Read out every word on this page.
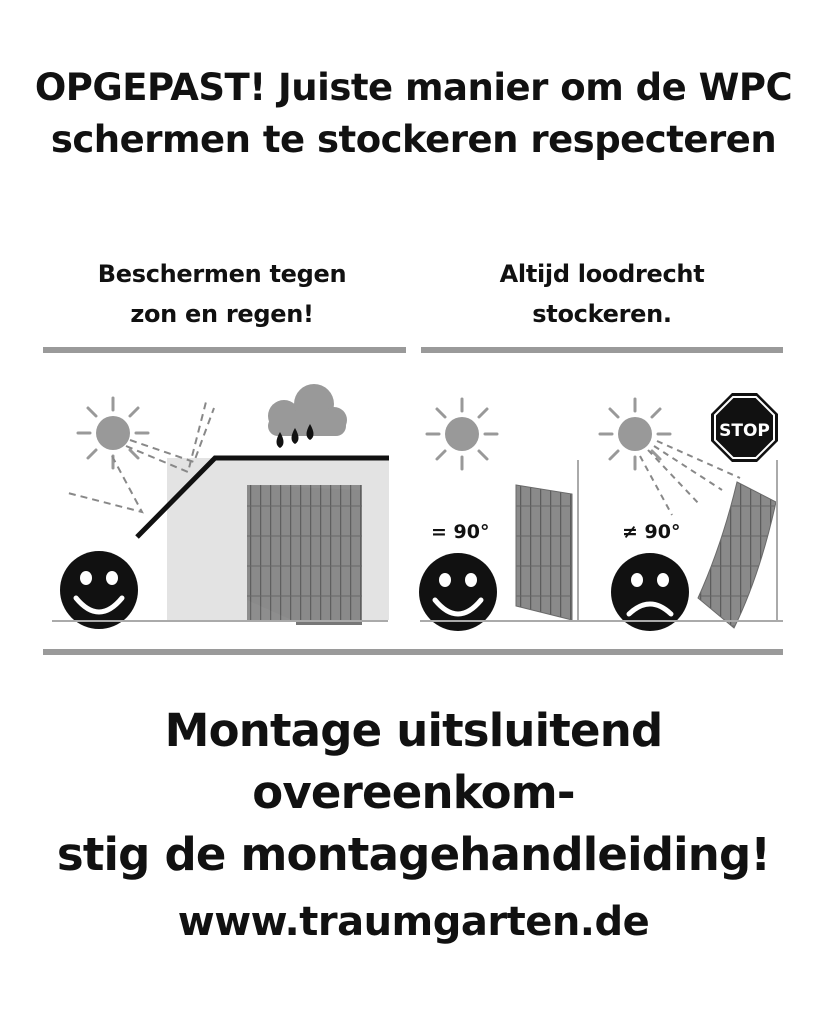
OPGEPAST! Juiste manier om de WPC
schermen te stockeren respecteren
Beschermen tegen
zon en regen!
Altijd loodrecht
stockeren.
= 90°	≠ 90°
STOP
Montage uitsluitend overeenkom-
stig de montagehandleiding!
www.traumgarten.de
